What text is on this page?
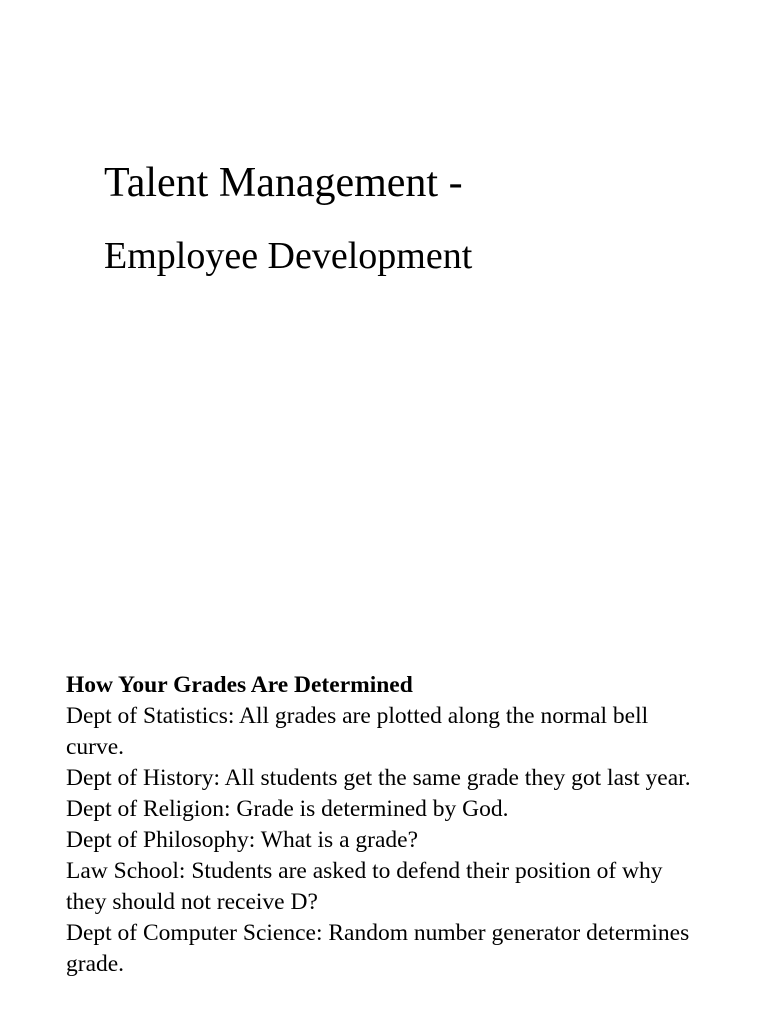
Talent Management -
Employee Development

How Your Grades Are Determined

Dept of Statistics: All grades are plotted along the normal bell curve.
Dept of History: All students get the same grade they got last year.
Dept of Religion: Grade is determined by God.
Dept of Philosophy: What is a grade?
Law School: Students are asked to defend their position of why they should not receive D?
Dept of Computer Science: Random number generator determines grade.
